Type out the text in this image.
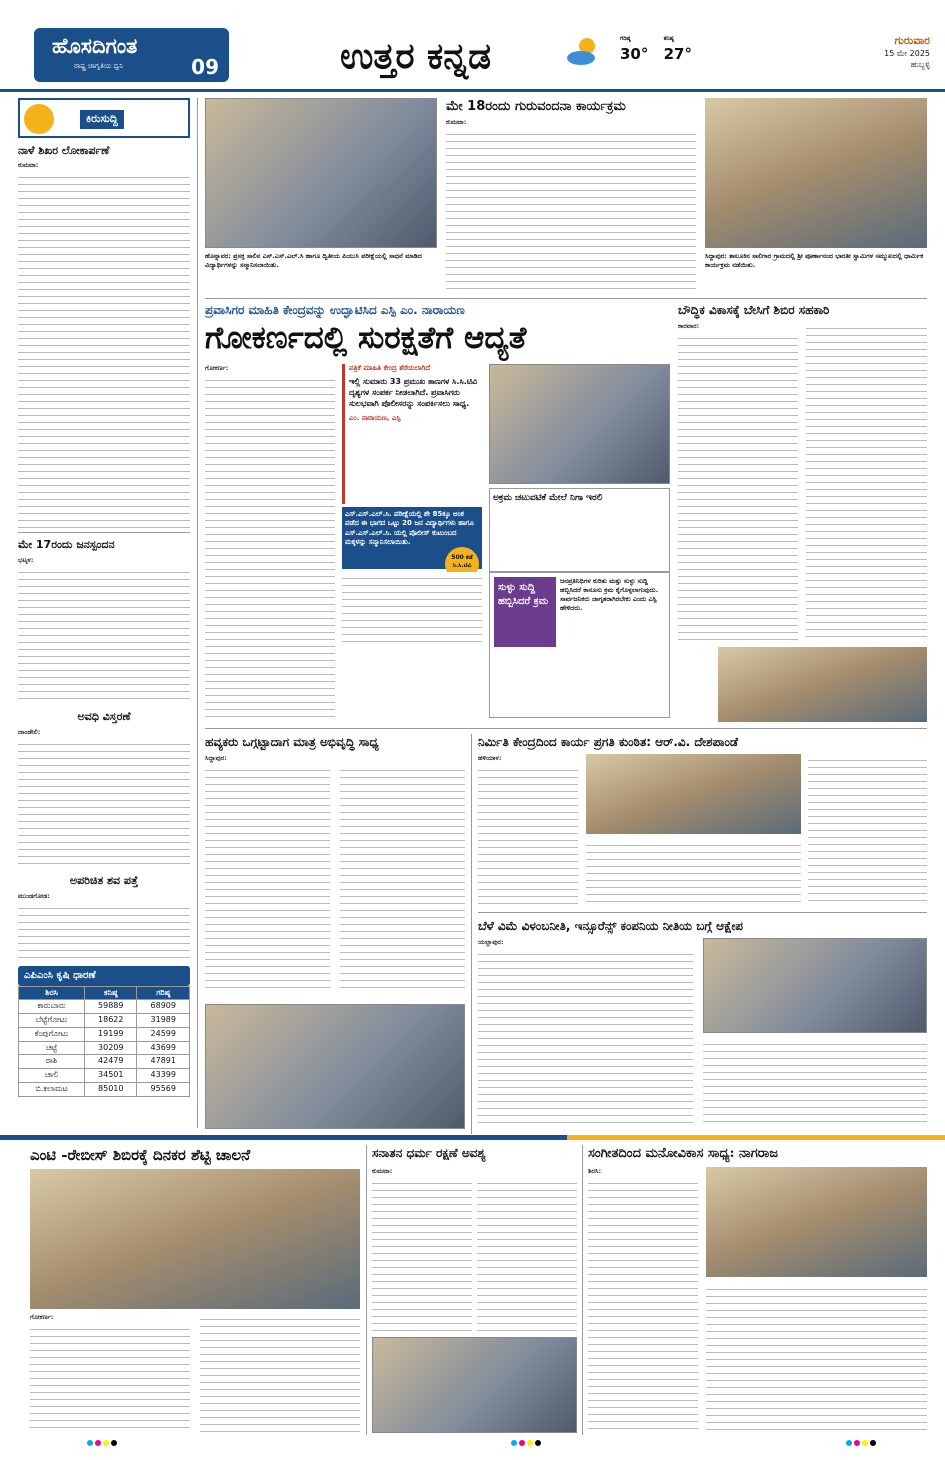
ಹೊಸದಿಗಂತ
ರಾಷ್ಟ್ರ ಜಾಗೃತಿಯ ಧ್ವನಿ	09	ಉತ್ತರ ಕನ್ನಡ	ಗರಿಷ್ಠ
30°
ಕನಿಷ್ಠ
27°
ಗುರುವಾರ
15 ಮೇ 2025
ಹುಬ್ಬಳ್ಳಿ
ಕಿರುಸುದ್ದಿ
ನಾಳೆ ಶಿಖರ ಲೋಕಾರ್ಪಣೆ
ಕುಮಟಾ:
ಮೇ 17ರಂದು ಜನಸ್ಪಂದನ
ಭಟ್ಕಳ:
ಅವಧಿ ವಿಸ್ತರಣೆ
ದಾಂಡೇಲಿ:
ಅಪರಿಚಿತ ಶವ ಪತ್ತೆ
ಮುಂಡಗೋಡ:
ಎಪಿಎಂಸಿ ಕೃಷಿ ಧಾರಣೆ
ಶಿರಸಿ	ಕನಿಷ್ಠ	ಗರಿಷ್ಠ
ಕಾರುಬಾರು	59889	68909
ಬೆಟ್ಟೆಗೋಟು	18622	31989
ಕೆಂಪುಗೋಟು	19199	24599
ಚಟ್ಟೆ	30209	43699
ರಾಶಿ	42479	47891
ಚಾಲಿ	34501	43399
ಬಿ.ಕಲಾಮಟ	85010	95569
ಹೊನ್ನಾವರ: ಪ್ರಸಕ್ತ ಸಾಲಿನ ಎಸ್.ಎಸ್.ಎಲ್.ಸಿ ಹಾಗೂ ದ್ವಿತೀಯ ಪಿಯುಸಿ ಪರೀಕ್ಷೆಯಲ್ಲಿ ಸಾಧನೆ ಮಾಡಿದ ವಿದ್ಯಾರ್ಥಿಗಳನ್ನು ಸನ್ಮಾನಿಸಲಾಯಿತು.
ಮೇ 18ರಂದು ಗುರುವಂದನಾ ಕಾರ್ಯಕ್ರಮ
ಕುಮಟಾ:
ಸಿದ್ದಾಪುರ: ತಾಲೂಕಿನ ಸಾಲಿಗಾರ ಗ್ರಾಮದಲ್ಲಿ ಶ್ರೀ ಪೂರ್ಣಾನಂದ ಭಾರತೀ ಸ್ವಾಮಿಗಳ ಸಮ್ಮುಖದಲ್ಲಿ ಧಾರ್ಮಿಕ ಕಾರ್ಯಕ್ರಮ ನಡೆಯಿತು.
ಪ್ರವಾಸಿಗರ ಮಾಹಿತಿ ಕೇಂದ್ರವನ್ನು ಉದ್ಘಾಟಿಸಿದ ಎಸ್ಪಿ ಎಂ. ನಾರಾಯಣ
ಗೋಕರ್ಣದಲ್ಲಿ ಸುರಕ್ಷತೆಗೆ ಆದ್ಯತೆ
ಗೋಕರ್ಣ:	ಪತ್ರಿಕೆ ಮಾಹಿತಿ ಕೇಂದ್ರ ತೆರೆಯಲಾಗಿದೆ
ಇಲ್ಲಿ ಸುಮಾರು 33 ಪ್ರಮುಖ ತಾಣಗಳ ಸಿ.ಸಿ.ಟಿವಿ ದೃಶ್ಯಗಳ ಸಂಪರ್ಕ ನೀಡಲಾಗಿದೆ. ಪ್ರವಾಸಿಗರು ಸುಲಭವಾಗಿ ಪೊಲೀಸರನ್ನು ಸಂಪರ್ಕಿಸಲು ಸಾಧ್ಯ.
ಎಂ. ನಾರಾಯಣ, ಎಸ್ಪಿ
ಎಸ್.ಎಸ್.ಎಲ್.ಸಿ. ಪರೀಕ್ಷೆಯಲ್ಲಿ ಶೇ 85ಕ್ಕೂ ಅಂಕ ಪಡೆದ ಈ ಭಾಗದ ಒಟ್ಟು 20 ಜನ ವಿದ್ಯಾರ್ಥಿಗಳು ಹಾಗೂ ಎಸ್.ಎಸ್.ಎಲ್.ಸಿ. ಯಲ್ಲಿ ಪೊಲೀಸ್ ಕುಟುಂಬದ ಮಕ್ಕಳನ್ನು ಸನ್ಮಾನಿಸಲಾಯಿತು.
500 ಕಡೆ ಸಿ.ಸಿ.ಟಿವಿ
ಅಕ್ರಮ ಚಟುವಟಿಕೆ ಮೇಲೆ ನಿಗಾ ಇರಲಿ
ಸುಳ್ಳು ಸುದ್ದಿ ಹಬ್ಬಿಸಿದರೆ ಕ್ರಮ
ಜನಪ್ರತಿನಿಧಿಗಳ ಕುರಿತು ಮತ್ತು ಸುಳ್ಳು ಸುದ್ದಿ ಹಬ್ಬಿಸಿದರೆ ಕಾನೂನು ಕ್ರಮ ಕೈಗೊಳ್ಳಲಾಗುವುದು. ಸಾರ್ವಜನಿಕರು ಜಾಗೃತರಾಗಿರಬೇಕು ಎಂದು ಎಸ್ಪಿ ಹೇಳಿದರು.
ಬೌದ್ಧಿಕ ವಿಕಾಸಕ್ಕೆ ಬೇಸಿಗೆ ಶಿಬಿರ ಸಹಕಾರಿ
ಕಾರವಾರ:
ಹವ್ಯಕರು ಒಗ್ಗಟ್ಟಾದಾಗ ಮಾತ್ರ ಅಭಿವೃದ್ಧಿ ಸಾಧ್ಯ
ಸಿದ್ದಾಪುರ:
ನಿರ್ಮಿತಿ ಕೇಂದ್ರದಿಂದ ಕಾರ್ಯ ಪ್ರಗತಿ ಕುಂಠಿತ: ಆರ್.ವಿ. ದೇಶಪಾಂಡೆ
ಹಳಿಯಾಳ:
ಬೆಳೆ ವಿಮೆ ವಿಳಂಬನೀತಿ, ಇನ್ಸೂರೆನ್ಸ್ ಕಂಪನಿಯ ನೀತಿಯ ಬಗ್ಗೆ ಆಕ್ಷೇಪ
ಯಲ್ಲಾಪುರ:
ಎಂಟಿ -ರೇಬೀಸ್ ಶಿಬಿರಕ್ಕೆ ದಿನಕರ ಶೆಟ್ಟಿ ಚಾಲನೆ
ಗೋಕರ್ಣ:
ಸನಾತನ ಧರ್ಮ ರಕ್ಷಣೆ ಅವಶ್ಯ
ಕುಮಟಾ:
ಸಂಗೀತದಿಂದ ಮನೋವಿಕಾಸ ಸಾಧ್ಯ: ನಾಗರಾಜ
ಶಿರಸಿ:
